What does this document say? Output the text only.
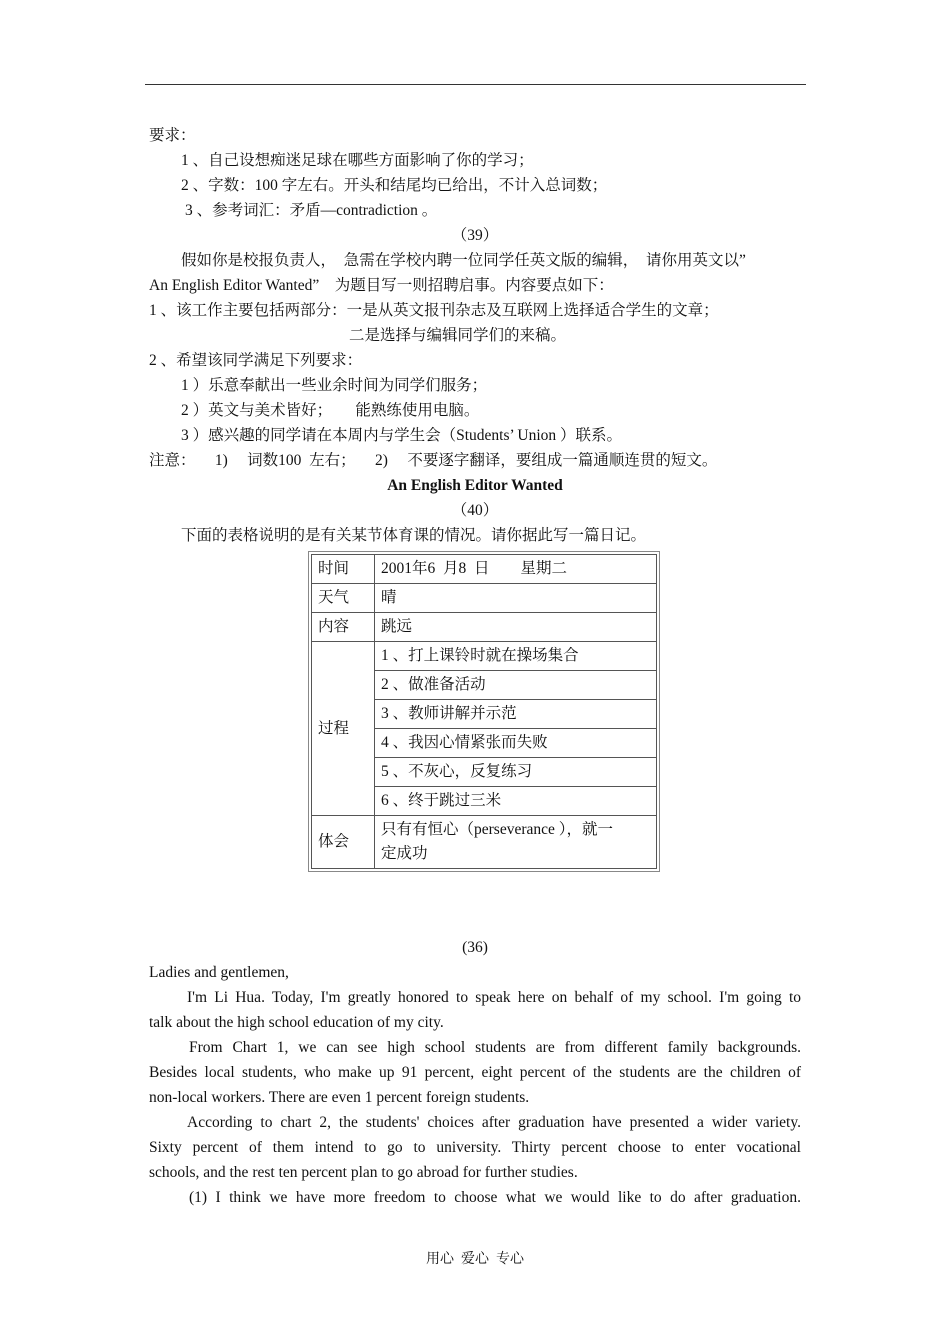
要求：
1 、自己设想痴迷足球在哪些方面影响了你的学习；
2 、字数：100 字左右。开头和结尾均已给出，不计入总词数；
3 、参考词汇：矛盾—contradiction 。
（39）
假如你是校报负责人，  急需在学校内聘一位同学任英文版的编辑，  请你用英文以”
An English Editor Wanted”    为题目写一则招聘启事。内容要点如下：
1 、该工作主要包括两部分：一是从英文报刊杂志及互联网上选择适合学生的文章；
二是选择与编辑同学们的来稿。
2 、希望该同学满足下列要求：
1 ）乐意奉献出一些业余时间为同学们服务；
2 ）英文与美术皆好；      能熟练使用电脑。
3 ）感兴趣的同学请在本周内与学生会（Students’ Union ）联系。
注意：     1)     词数100  左右；     2)     不要逐字翻译，要组成一篇通顺连贯的短文。
An English Editor Wanted
（40）
下面的表格说明的是有关某节体育课的情况。请你据此写一篇日记。
时间	2001年6  月8  日        星期二
天气	晴
内容	跳远
过程	1 、打上课铃时就在操场集合
	2 、做准备活动
	3 、教师讲解并示范
	4 、我因心情紧张而失败
	5 、不灰心，反复练习
	6 、终于跳过三米
体会	只有有恒心（perseverance ），就一
定成功
(36)
Ladies and gentlemen,
I'm Li Hua. Today, I'm greatly honored to speak here on behalf of my school. I'm going to
talk about the high school education of my city.
From Chart 1, we can see high school students are from different family backgrounds.
Besides local students, who make up 91 percent, eight percent of the students are the children of
non-local workers. There are even 1 percent foreign students.
According to chart 2, the students' choices after graduation have presented a wider variety.
Sixty percent of them intend to go to university. Thirty percent choose to enter vocational
schools, and the rest ten percent plan to go abroad for further studies.
(1) I think we have more freedom to choose what we would like to do after graduation.
用心  爱心  专心
